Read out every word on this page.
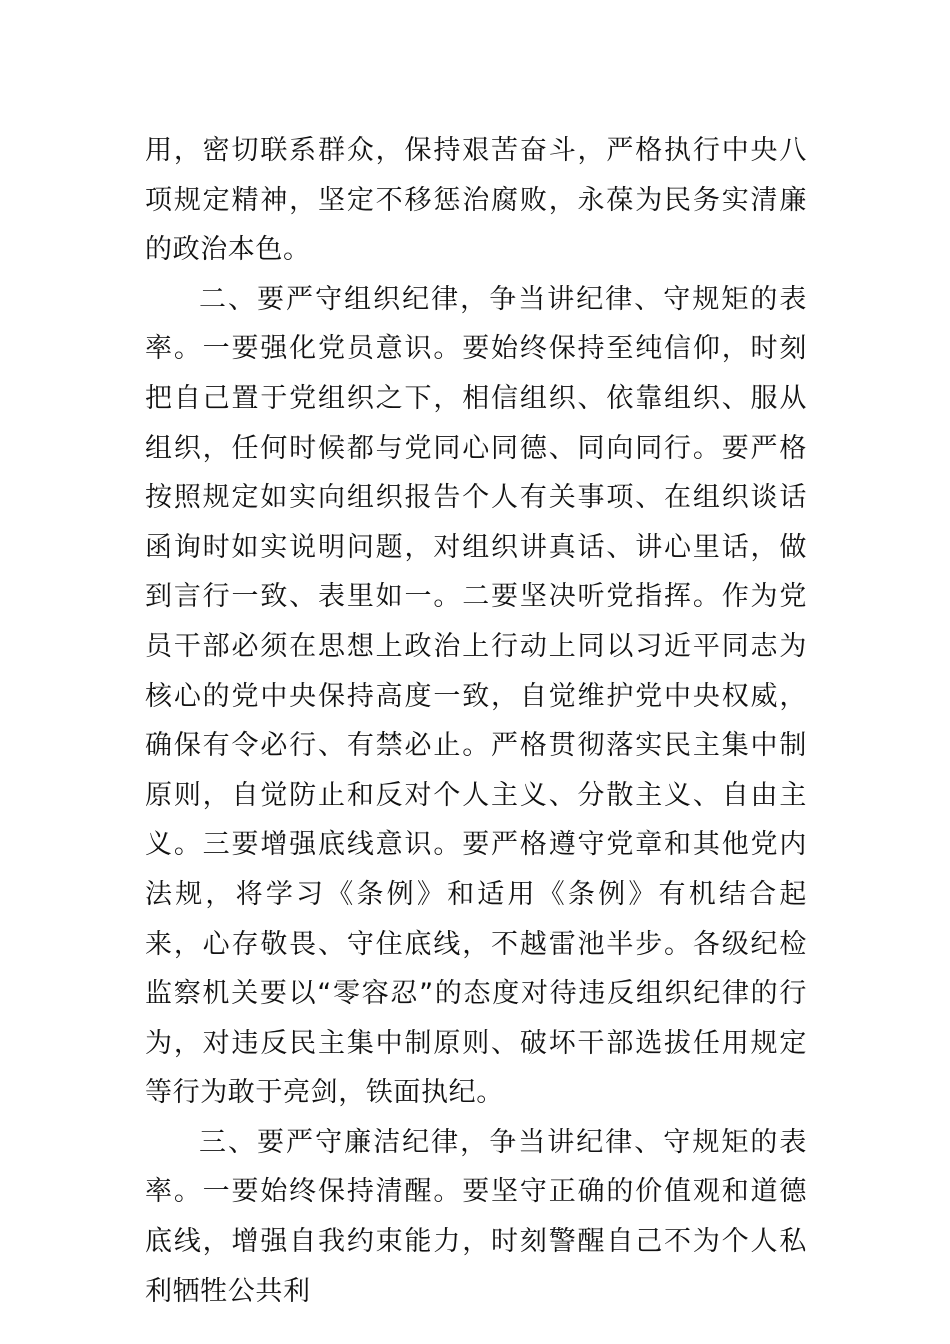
用，密切联系群众，保持艰苦奋斗，严格执行中央八项规定精神，坚定不移惩治腐败，永葆为民务实清廉的政治本色。

二、要严守组织纪律，争当讲纪律、守规矩的表率。一要强化党员意识。要始终保持至纯信仰，时刻把自己置于党组织之下，相信组织、依靠组织、服从组织，任何时候都与党同心同德、同向同行。要严格按照规定如实向组织报告个人有关事项、在组织谈话函询时如实说明问题，对组织讲真话、讲心里话，做到言行一致、表里如一。二要坚决听党指挥。作为党员干部必须在思想上政治上行动上同以习近平同志为核心的党中央保持高度一致，自觉维护党中央权威，确保有令必行、有禁必止。严格贯彻落实民主集中制原则，自觉防止和反对个人主义、分散主义、自由主义。三要增强底线意识。要严格遵守党章和其他党内法规，将学习《条例》和适用《条例》有机结合起来，心存敬畏、守住底线，不越雷池半步。各级纪检监察机关要以“零容忍”的态度对待违反组织纪律的行为，对违反民主集中制原则、破坏干部选拔任用规定等行为敢于亮剑，铁面执纪。

三、要严守廉洁纪律，争当讲纪律、守规矩的表率。一要始终保持清醒。要坚守正确的价值观和道德底线，增强自我约束能力，时刻警醒自己不为个人私利牺牲公共利
